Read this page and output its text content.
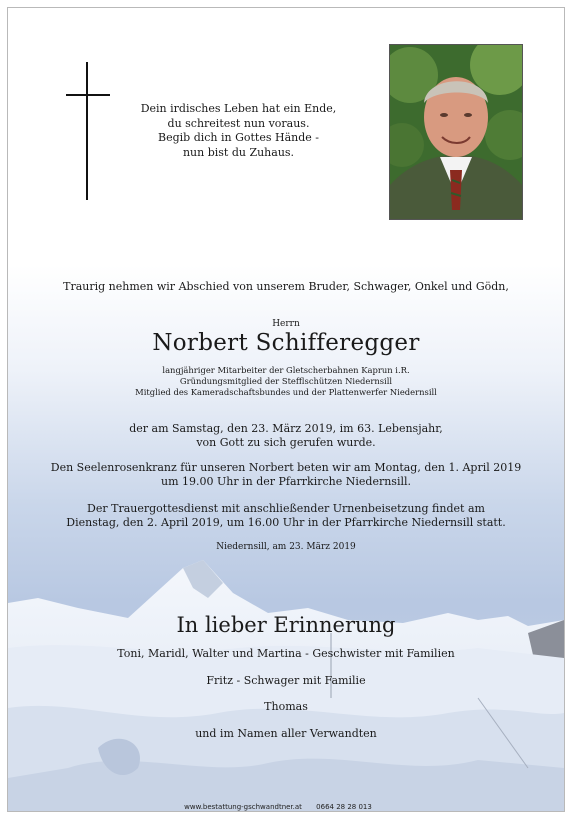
Dein irdisches Leben hat ein Ende,
du schreitest nun voraus.
Begib dich in Gottes Hände -
nun bist du Zuhaus.
Traurig nehmen wir Abschied von unserem Bruder, Schwager, Onkel und Gödn,
Herrn
Norbert Schifferegger
langjähriger Mitarbeiter der Gletscherbahnen Kaprun i.R.
Gründungsmitglied der Stefflschützen Niedernsill
Mitglied des Kameradschaftsbundes und der Plattenwerfer Niedernsill
der am Samstag, den 23. März 2019, im 63. Lebensjahr,
von Gott zu sich gerufen wurde.
Den Seelenrosenkranz für unseren Norbert beten wir am Montag, den 1. April 2019
um 19.00 Uhr in der Pfarrkirche Niedernsill.
Der Trauergottesdienst mit anschließender Urnenbeisetzung findet am
Dienstag, den 2. April 2019, um 16.00 Uhr in der Pfarrkirche Niedernsill statt.
Niedernsill, am 23. März 2019
In lieber Erinnerung
Toni, Maridl, Walter und Martina - Geschwister mit Familien
Fritz - Schwager mit Familie
Thomas
und im Namen aller Verwandten
www.bestattung-gschwandtner.at 0664 28 28 013
